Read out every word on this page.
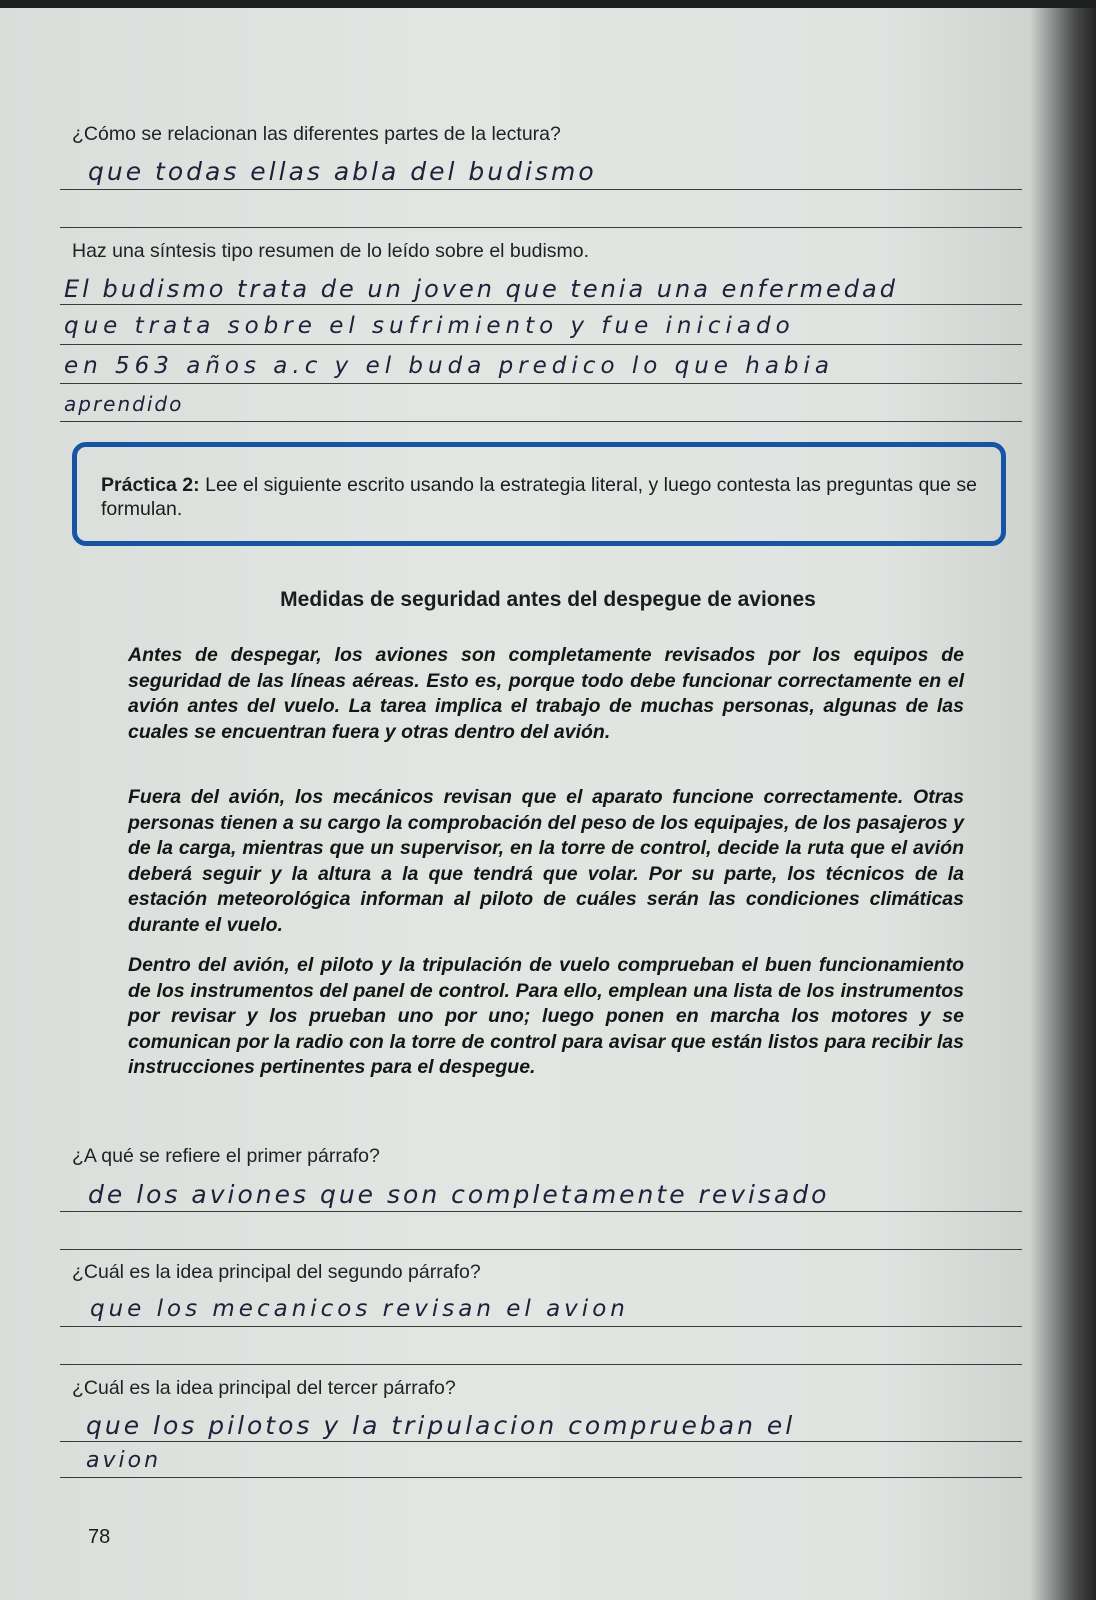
¿Cómo se relacionan las diferentes partes de la lectura?
que todas ellas abla del budismo
Haz una síntesis tipo resumen de lo leído sobre el budismo.
El budismo trata de un joven que tenia una enfermedad
que trata sobre el sufrimiento y fue iniciado
en 563 años a.c y el buda predico lo que habia
aprendido
Práctica 2: Lee el siguiente escrito usando la estrategia literal, y luego contesta las preguntas que se formulan.
Medidas de seguridad antes del despegue de aviones

Antes de despegar, los aviones son completamente revisados por los equipos de seguridad de las líneas aéreas. Esto es, porque todo debe funcionar correctamente en el avión antes del vuelo. La tarea implica el trabajo de muchas personas, algunas de las cuales se encuentran fuera y otras dentro del avión.

Fuera del avión, los mecánicos revisan que el aparato funcione correctamente. Otras personas tienen a su cargo la comprobación del peso de los equipajes, de los pasajeros y de la carga, mientras que un supervisor, en la torre de control, decide la ruta que el avión deberá seguir y la altura a la que tendrá que volar. Por su parte, los técnicos de la estación meteorológica informan al piloto de cuáles serán las condiciones climáticas durante el vuelo.

Dentro del avión, el piloto y la tripulación de vuelo comprueban el buen funcionamiento de los instrumentos del panel de control. Para ello, emplean una lista de los instrumentos por revisar y los prueban uno por uno; luego ponen en marcha los motores y se comunican por la radio con la torre de control para avisar que están listos para recibir las instrucciones pertinentes para el despegue.

¿A qué se refiere el primer párrafo?
de los aviones que son completamente revisado
¿Cuál es la idea principal del segundo párrafo?
que los mecanicos revisan el avion
¿Cuál es la idea principal del tercer párrafo?
que los pilotos y la tripulacion comprueban el
avion
78
